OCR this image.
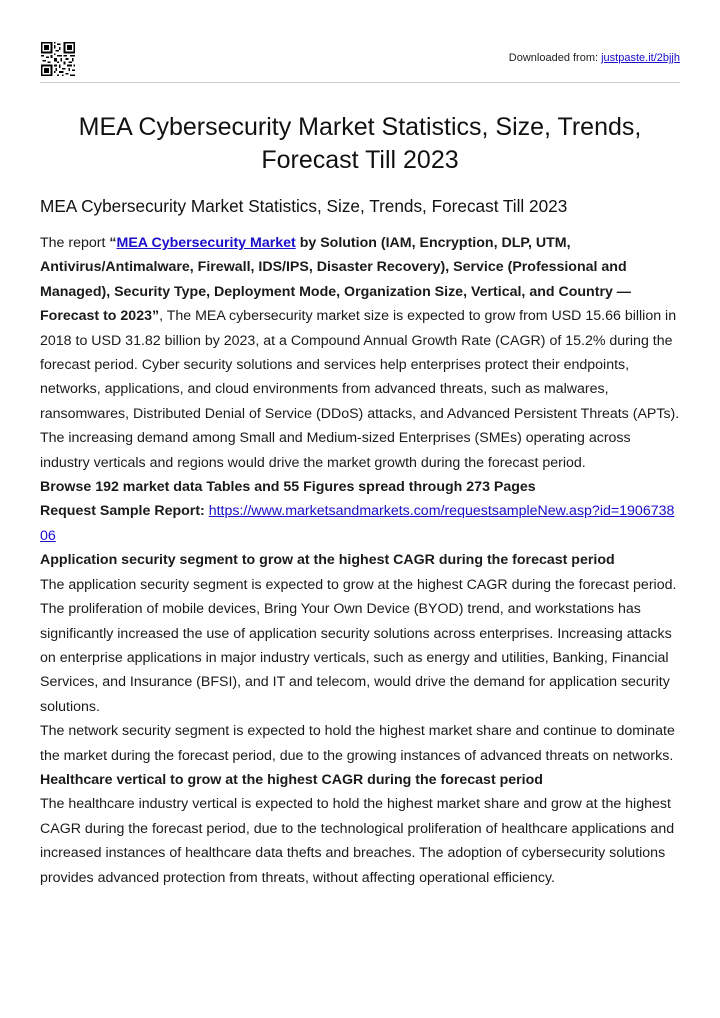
Downloaded from: justpaste.it/2bjjh
MEA Cybersecurity Market Statistics, Size, Trends, Forecast Till 2023
MEA Cybersecurity Market Statistics, Size, Trends, Forecast Till 2023

The report “MEA Cybersecurity Market by Solution (IAM, Encryption, DLP, UTM, Antivirus/Antimalware, Firewall, IDS/IPS, Disaster Recovery), Service (Professional and Managed), Security Type, Deployment Mode, Organization Size, Vertical, and Country — Forecast to 2023”, The MEA cybersecurity market size is expected to grow from USD 15.66 billion in 2018 to USD 31.82 billion by 2023, at a Compound Annual Growth Rate (CAGR) of 15.2% during the forecast period. Cyber security solutions and services help enterprises protect their endpoints, networks, applications, and cloud environments from advanced threats, such as malwares, ransomwares, Distributed Denial of Service (DDoS) attacks, and Advanced Persistent Threats (APTs). The increasing demand among Small and Medium-sized Enterprises (SMEs) operating across industry verticals and regions would drive the market growth during the forecast period.

Browse 192 market data Tables and 55 Figures spread through 273 Pages

Request Sample Report: https://www.marketsandmarkets.com/requestsampleNew.asp?id=190673806

Application security segment to grow at the highest CAGR during the forecast period

The application security segment is expected to grow at the highest CAGR during the forecast period. The proliferation of mobile devices, Bring Your Own Device (BYOD) trend, and workstations has significantly increased the use of application security solutions across enterprises. Increasing attacks on enterprise applications in major industry verticals, such as energy and utilities, Banking, Financial Services, and Insurance (BFSI), and IT and telecom, would drive the demand for application security solutions.

The network security segment is expected to hold the highest market share and continue to dominate the market during the forecast period, due to the growing instances of advanced threats on networks.

Healthcare vertical to grow at the highest CAGR during the forecast period

The healthcare industry vertical is expected to hold the highest market share and grow at the highest CAGR during the forecast period, due to the technological proliferation of healthcare applications and increased instances of healthcare data thefts and breaches. The adoption of cybersecurity solutions provides advanced protection from threats, without affecting operational efficiency.
